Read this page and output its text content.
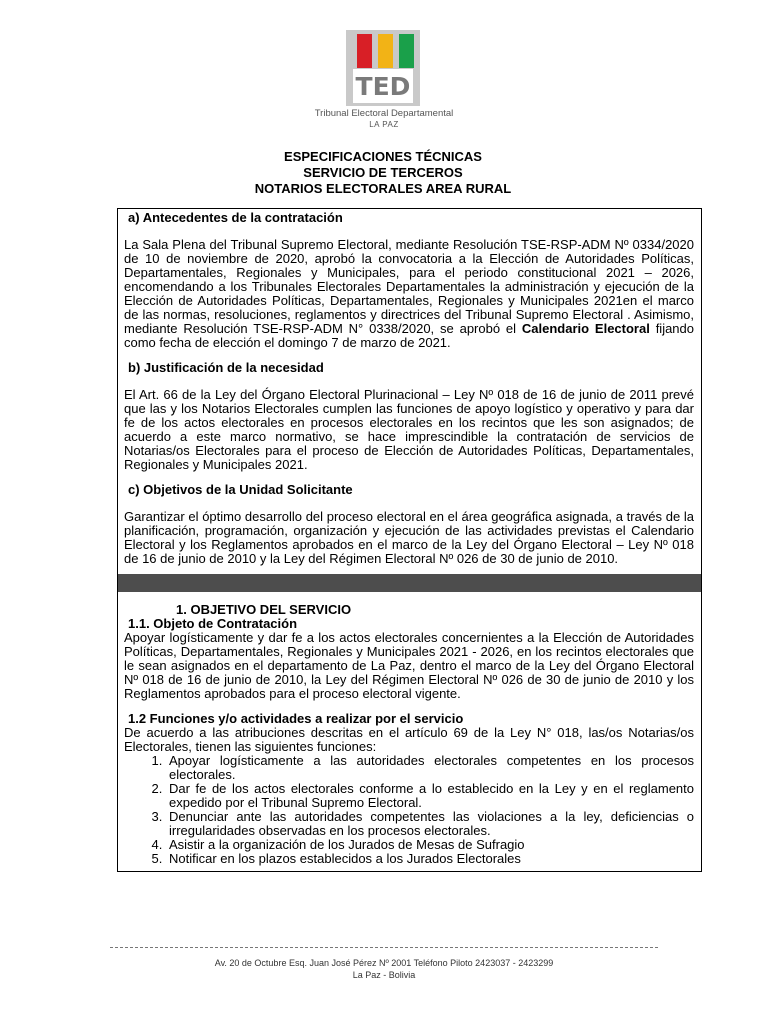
TED
Tribunal Electoral Departamental
LA PAZ
ESPECIFICACIONES TÉCNICAS
SERVICIO DE TERCEROS
NOTARIOS ELECTORALES AREA RURAL
a) Antecedentes de la contratación

La Sala Plena del Tribunal Supremo Electoral, mediante Resolución TSE-RSP-ADM Nº 0334/2020 de 10 de noviembre de 2020, aprobó la convocatoria a la Elección de Autoridades Políticas, Departamentales, Regionales y Municipales, para el periodo constitucional 2021 – 2026, encomendando a los Tribunales Electorales Departamentales la administración y ejecución de la Elección de Autoridades Políticas, Departamentales, Regionales y Municipales 2021en el marco de las normas, resoluciones, reglamentos y directrices del Tribunal Supremo Electoral . Asimismo, mediante Resolución TSE-RSP-ADM N° 0338/2020, se aprobó el Calendario Electoral fijando como fecha de elección el domingo 7 de marzo de 2021.

b) Justificación de la necesidad

El Art. 66 de la Ley del Órgano Electoral Plurinacional – Ley Nº 018 de 16 de junio de 2011 prevé que las y los Notarios Electorales cumplen las funciones de apoyo logístico y operativo y para dar fe de los actos electorales en procesos electorales en los recintos que les son asignados; de acuerdo a este marco normativo, se hace imprescindible la contratación de servicios de Notarias/os Electorales para el proceso de Elección de Autoridades Políticas, Departamentales, Regionales y Municipales 2021.

c) Objetivos de la Unidad Solicitante

Garantizar el óptimo desarrollo del proceso electoral en el área geográfica asignada, a través de la planificación, programación, organización y ejecución de las actividades previstas el Calendario Electoral y los Reglamentos aprobados en el marco de la Ley del Órgano Electoral – Ley Nº 018 de 16 de junio de 2010 y la Ley del Régimen Electoral Nº 026 de 30 de junio de 2010.

1. OBJETIVO DEL SERVICIO
1.1. Objeto de Contratación

Apoyar logísticamente y dar fe a los actos electorales concernientes a la Elección de Autoridades Políticas, Departamentales, Regionales y Municipales 2021 - 2026, en los recintos electorales que le sean asignados en el departamento de La Paz, dentro el marco de la Ley del Órgano Electoral Nº 018 de 16 de junio de 2010, la Ley del Régimen Electoral Nº 026 de 30 de junio de 2010 y los Reglamentos aprobados para el proceso electoral vigente.

1.2 Funciones y/o actividades a realizar por el servicio

De acuerdo a las atribuciones descritas en el artículo 69 de la Ley N° 018, las/os Notarias/os Electorales, tienen las siguientes funciones:

1. Apoyar logísticamente a las autoridades electorales competentes en los procesos electorales.
2. Dar fe de los actos electorales conforme a lo establecido en la Ley y en el reglamento expedido por el Tribunal Supremo Electoral.
3. Denunciar ante las autoridades competentes las violaciones a la ley, deficiencias o irregularidades observadas en los procesos electorales.
4. Asistir a la organización de los Jurados de Mesas de Sufragio
5. Notificar en los plazos establecidos a los Jurados Electorales
Av. 20 de Octubre Esq. Juan José Pérez Nº 2001 Teléfono Piloto 2423037 - 2423299
La Paz - Bolivia
